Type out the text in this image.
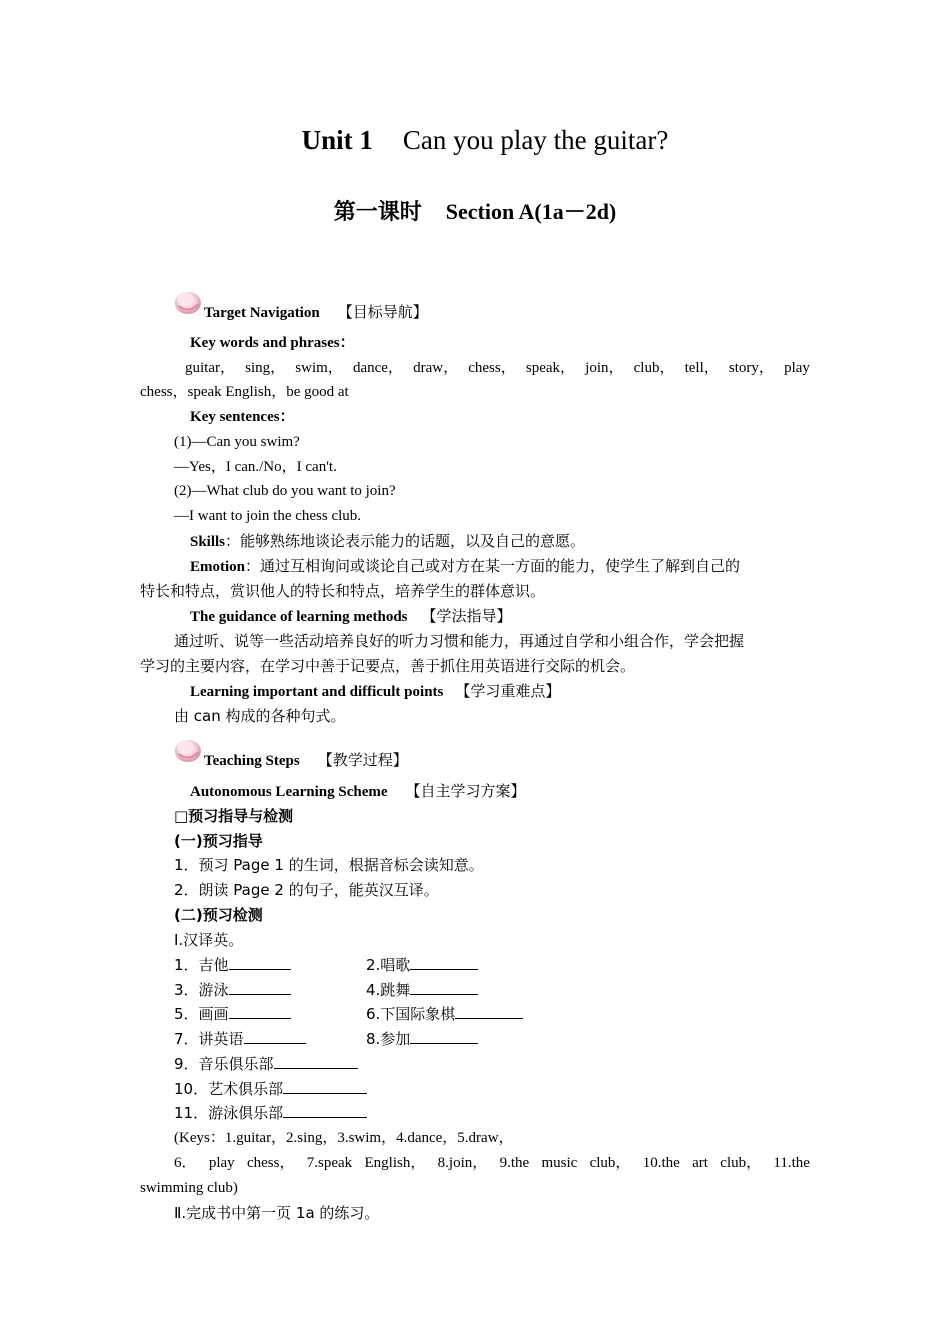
Unit 1 Can you play the guitar?
第一课时 Section A(1a－2d)
Target Navigation 【目标导航】
Key words and phrases：
guitar， sing， swim， dance， draw， chess， speak， join， club， tell， story， play
chess，speak English，be good at
Key sentences：
(1)—Can you swim?
—Yes，I can./No，I can't.
(2)—What club do you want to join?
—I want to join the chess club.
Skills：能够熟练地谈论表示能力的话题，以及自己的意愿。
Emotion：通过互相询问或谈论自己或对方在某一方面的能力，使学生了解到自己的
特长和特点，赏识他人的特长和特点，培养学生的群体意识。
The guidance of learning methods 【学法指导】
通过听、说等一些活动培养良好的听力习惯和能力，再通过自学和小组合作，学会把握
学习的主要内容，在学习中善于记要点，善于抓住用英语进行交际的机会。
Learning important and difficult points 【学习重难点】
由 can 构成的各种句式。
Teaching Steps 【教学过程】
Autonomous Learning Scheme 【自主学习方案】
□预习指导与检测
(一)预习指导
1．预习 Page 1 的生词，根据音标会读知意。
2．朗读 Page 2 的句子，能英汉互译。
(二)预习检测
Ⅰ.汉译英。
1．吉他	2.唱歌
3．游泳	4.跳舞
5．画画	6.下国际象棋
7．讲英语	8.参加
9．音乐俱乐部
10．艺术俱乐部
11．游泳俱乐部
(Keys：1.guitar，2.sing，3.swim，4.dance，5.draw，
6． play chess， 7.speak English， 8.join， 9.the music club， 10.the art club， 11.the
swimming club)
Ⅱ.完成书中第一页 1a 的练习。
